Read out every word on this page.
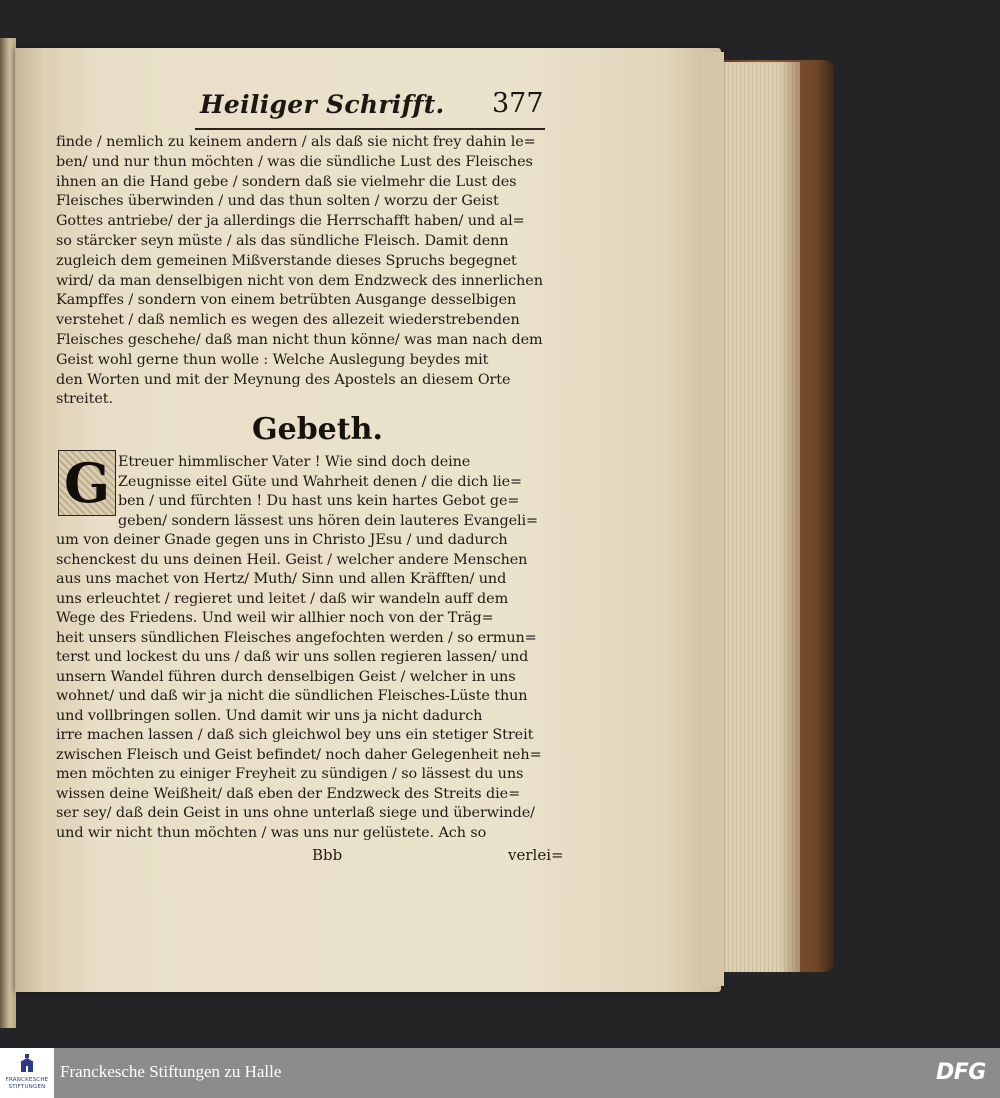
Heiliger Schrifft. 377
finde / nemlich zu keinem andern / als daß sie nicht frey dahin le=
ben/ und nur thun möchten / was die sündliche Lust des Fleisches
ihnen an die Hand gebe / sondern daß sie vielmehr die Lust des
Fleisches überwinden / und das thun solten / worzu der Geist
Gottes antriebe/ der ja allerdings die Herrschafft haben/ und al=
so stärcker seyn müste / als das sündliche Fleisch. Damit denn
zugleich dem gemeinen Mißverstande dieses Spruchs begegnet
wird/ da man denselbigen nicht von dem Endzweck des innerlichen
Kampffes / sondern von einem betrübten Ausgange desselbigen
verstehet / daß nemlich es wegen des allezeit wiederstrebenden
Fleisches geschehe/ daß man nicht thun könne/ was man nach dem
Geist wohl gerne thun wolle : Welche Auslegung beydes mit
den Worten und mit der Meynung des Apostels an diesem Orte
streitet.
Gebeth.
G Etreuer himmlischer Vater ! Wie sind doch deine
Zeugnisse eitel Güte und Wahrheit denen / die dich lie=
ben / und fürchten ! Du hast uns kein hartes Gebot ge=
geben/ sondern lässest uns hören dein lauteres Evangeli=
um von deiner Gnade gegen uns in Christo JEsu / und dadurch
schenckest du uns deinen Heil. Geist / welcher andere Menschen
aus uns machet von Hertz/ Muth/ Sinn und allen Kräfften/ und
uns erleuchtet / regieret und leitet / daß wir wandeln auff dem
Wege des Friedens. Und weil wir allhier noch von der Träg=
heit unsers sündlichen Fleisches angefochten werden / so ermun=
terst und lockest du uns / daß wir uns sollen regieren lassen/ und
unsern Wandel führen durch denselbigen Geist / welcher in uns
wohnet/ und daß wir ja nicht die sündlichen Fleisches-Lüste thun
und vollbringen sollen. Und damit wir uns ja nicht dadurch
irre machen lassen / daß sich gleichwol bey uns ein stetiger Streit
zwischen Fleisch und Geist befindet/ noch daher Gelegenheit neh=
men möchten zu einiger Freyheit zu sündigen / so lässest du uns
wissen deine Weißheit/ daß eben der Endzweck des Streits die=
ser sey/ daß dein Geist in uns ohne unterlaß siege und überwinde/
und wir nicht thun möchten / was uns nur gelüstete. Ach so
Bbb	verlei=
FRANCKESCHE STIFTUNGEN
Franckesche Stiftungen zu Halle	DFG
